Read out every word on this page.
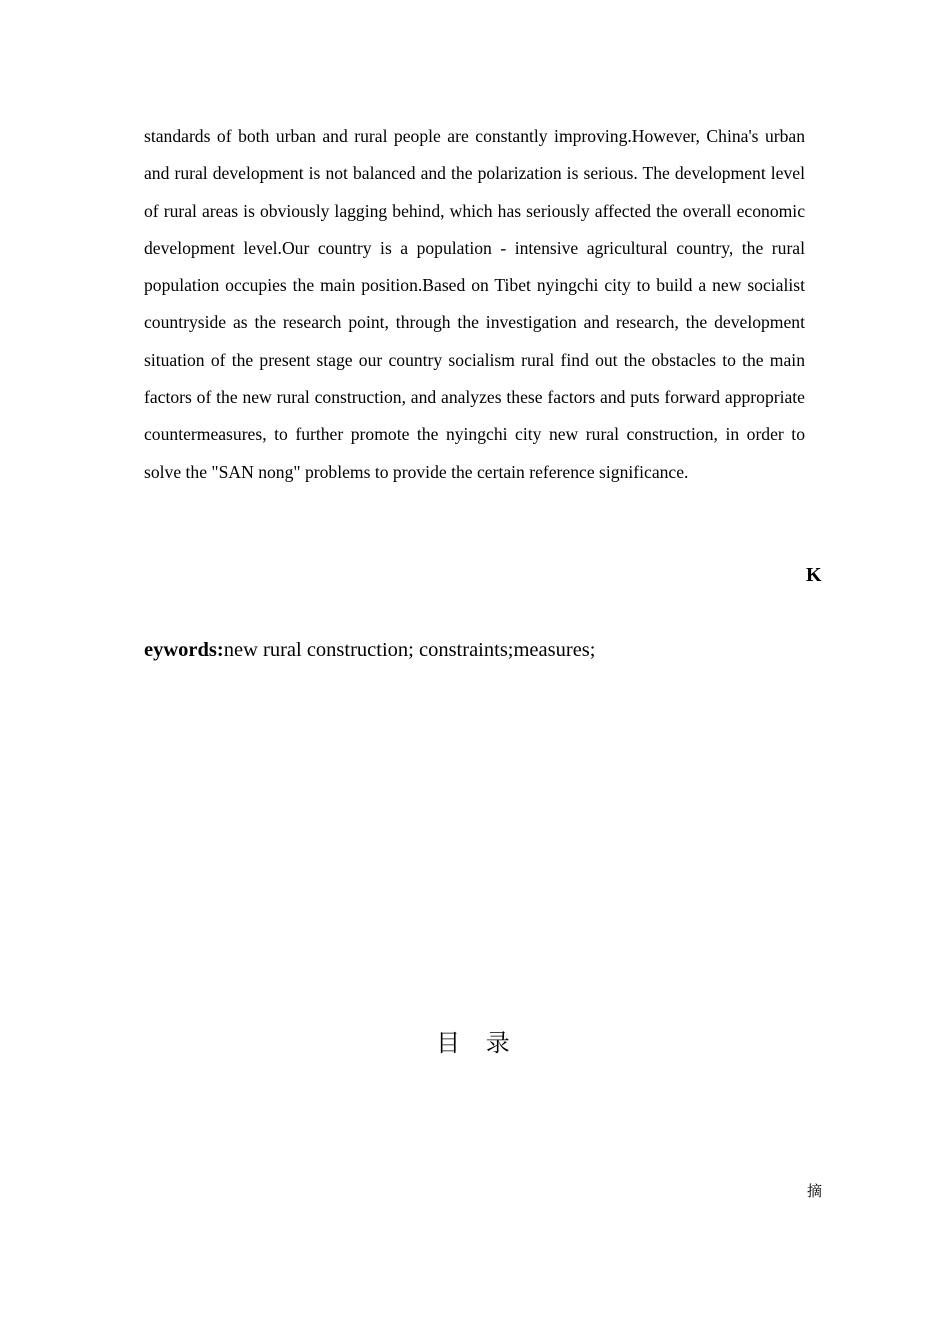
standards of both urban and rural people are constantly improving.However, China's urban and rural development is not balanced and the polarization is serious. The development level of rural areas is obviously lagging behind, which has seriously affected the overall economic development level.Our country is a population - intensive agricultural country, the rural population occupies the main position.Based on Tibet nyingchi city to build a new socialist countryside as the research point, through the investigation and research, the development situation of the present stage our country socialism rural find out the obstacles to the main factors of the new rural construction, and analyzes these factors and puts forward appropriate countermeasures, to further promote the nyingchi city new rural construction, in order to solve the "SAN nong" problems to provide the certain reference significance.

K
eywords:new rural construction; constraints;measures;
目 录
摘
